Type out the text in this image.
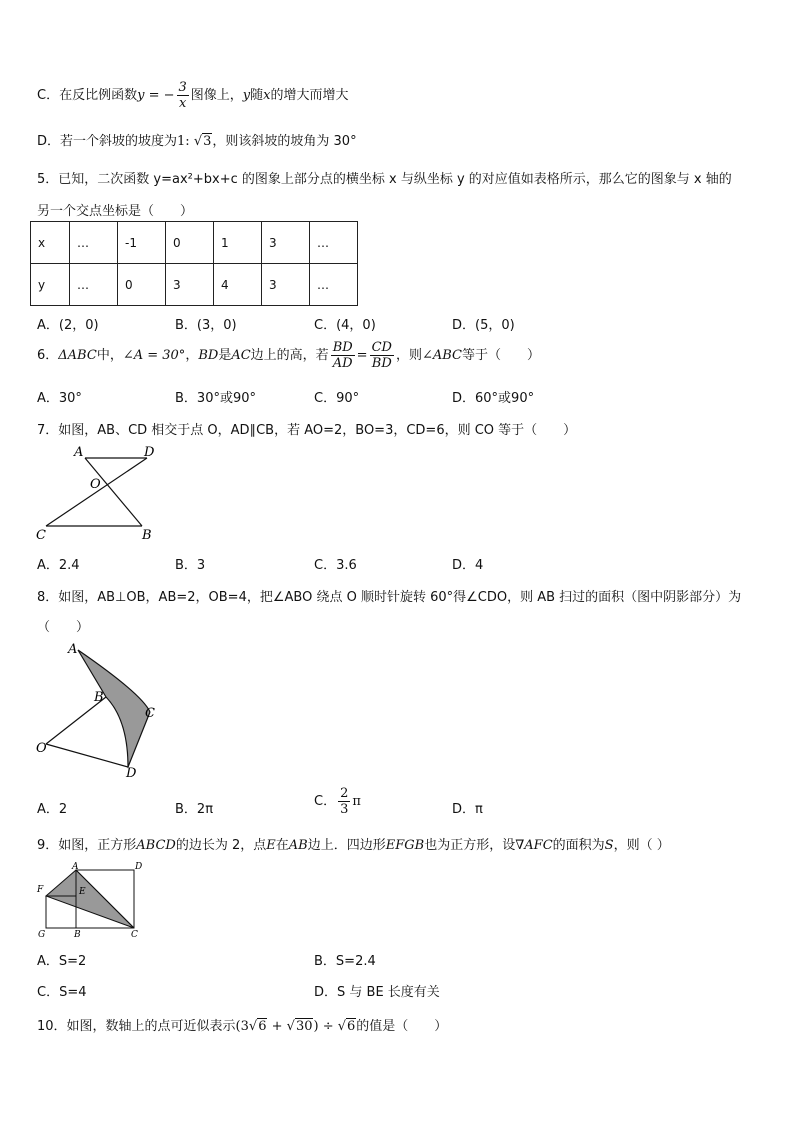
C．在反比例函数y = − $\frac{3}{x}$ 图像上，y随x的增大而增大
D．若一个斜坡的坡度为1: √3，则该斜坡的坡角为 30°
5．已知，二次函数 y=ax²+bx+c 的图象上部分点的横坐标 x 与纵坐标 y 的对应值如表格所示，那么它的图象与 x 轴的
另一个交点坐标是（　　）
x	…	-1	0	1	3	…
y	…	0	3	4	3	…
A．(2，0)	B．(3，0)	C．(4，0)	D．(5，0)
6．ΔABC中，∠A = 30°，BD是AC边上的高，若 $\frac{BD}{AD} = \frac{CD}{BD}$ ，则∠ABC等于（　　）
A．30°	B．30°或90°	C．90°	D．60°或90°
7．如图，AB、CD 相交于点 O，AD∥CB，若 AO=2，BO=3，CD=6，则 CO 等于（　　）
A	D
O
C	B
A．2.4	B．3	C．3.6	D．4
8．如图，AB⊥OB，AB=2，OB=4，把∠ABO 绕点 O 顺时针旋转 60°得∠CDO，则 AB 扫过的面积（图中阴影部分）为
（　　）
A
B
C
O
D
A．2	B．2π
C． $\frac{2}{3}$ π
D．π
9．如图，正方形ABCD的边长为 2，点E在AB边上．四边形EFGB也为正方形，设∇AFC的面积为S，则（ ）
A	D
F	E
G	B	C
A．S=2	B．S=2.4
C．S=4	D．S 与 BE 长度有关
10．如图，数轴上的点可近似表示(3√6 + √30) ÷ √6的值是（　　）
